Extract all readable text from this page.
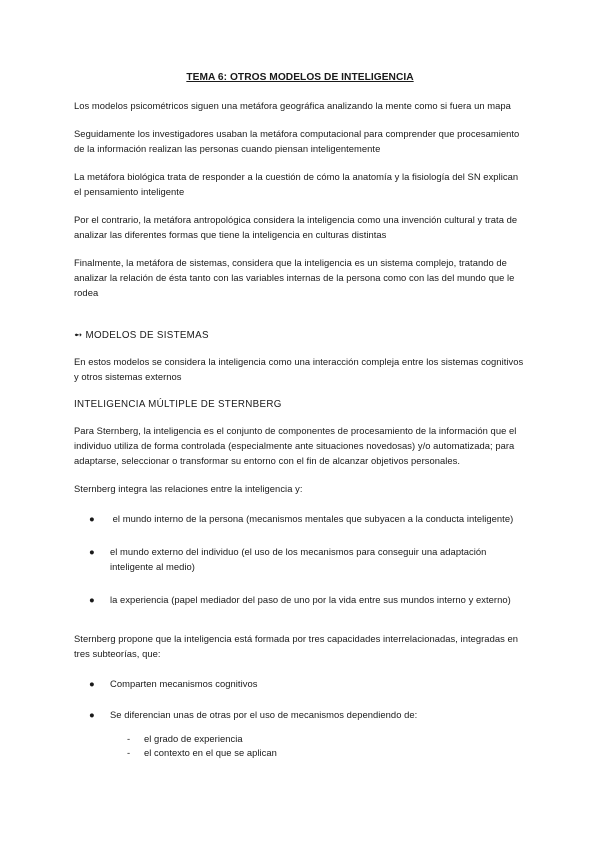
TEMA 6: OTROS MODELOS DE INTELIGENCIA
Los modelos psicométricos siguen una metáfora geográfica analizando la mente como si fuera un mapa
Seguidamente los investigadores usaban la metáfora computacional para comprender que procesamiento de la información realizan las personas cuando piensan inteligentemente
La metáfora biológica trata de responder a la cuestión de cómo la anatomía y la fisiología del SN explican el pensamiento inteligente
Por el contrario, la metáfora antropológica considera la inteligencia como una invención cultural y trata de analizar las diferentes formas que tiene la inteligencia en culturas distintas
Finalmente, la metáfora de sistemas, considera que la inteligencia es un sistema complejo, tratando de analizar la relación de ésta tanto con las variables internas de la persona como con las del mundo que le rodea
➻ MODELOS DE SISTEMAS
En estos modelos se considera la inteligencia como una interacción compleja entre los sistemas cognitivos y otros sistemas externos
INTELIGENCIA MÚLTIPLE DE STERNBERG
Para Sternberg, la inteligencia es el conjunto de componentes de procesamiento de la información que el individuo utiliza de forma controlada (especialmente ante situaciones novedosas) y/o automatizada; para adaptarse, seleccionar o transformar su entorno con el fin de alcanzar objetivos personales.
Sternberg integra las relaciones entre la inteligencia y:
● el mundo interno de la persona (mecanismos mentales que subyacen a la conducta inteligente)
● el mundo externo del individuo (el uso de los mecanismos para conseguir una adaptación inteligente al medio)
● la experiencia (papel mediador del paso de uno por la vida entre sus mundos interno y externo)
Sternberg propone que la inteligencia está formada por tres capacidades interrelacionadas, integradas en tres subteorías, que:
● Comparten mecanismos cognitivos
● Se diferencian unas de otras por el uso de mecanismos dependiendo de:
- el grado de experiencia
- el contexto en el que se aplican
